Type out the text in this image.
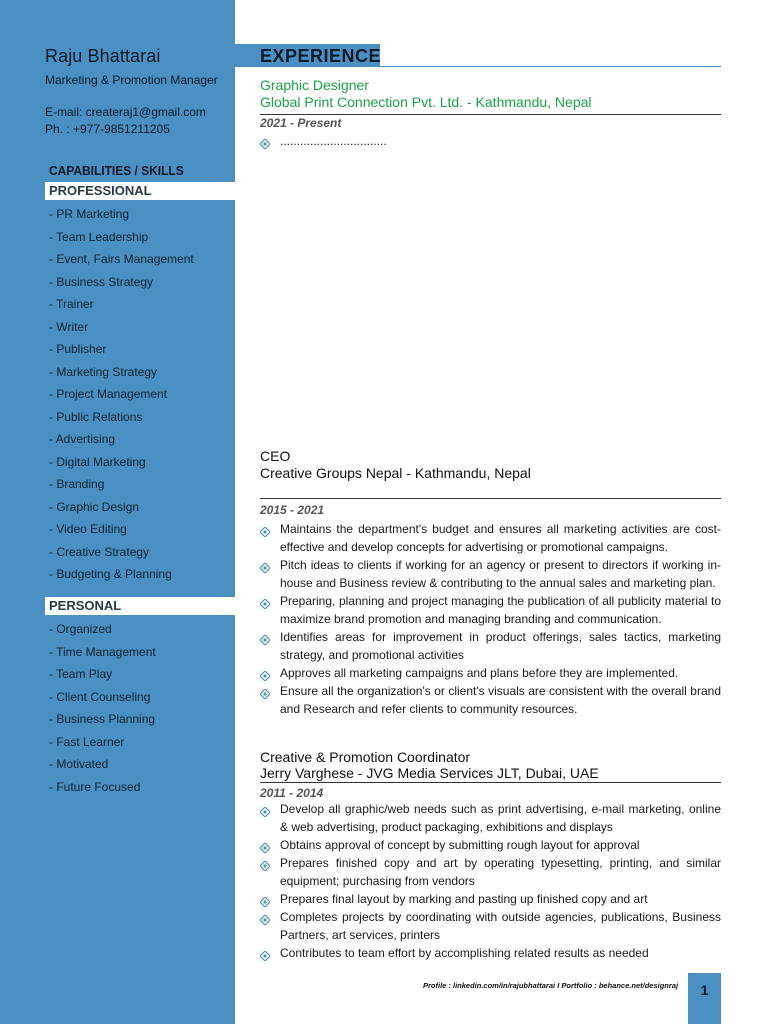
Raju Bhattarai
Marketing & Promotion Manager
E-mail: createraj1@gmail.com
Ph. : +977-9851211205
CAPABILITIES / SKILLS
PROFESSIONAL
- PR Marketing
- Team Leadership
- Event, Fairs Management
- Business Strategy
- Trainer
- Writer
- Publisher
- Marketing Strategy
- Project Management
- Public Relations
- Advertising
- Digital Marketing
- Branding
- Graphic Design
- Video Editing
- Creative Strategy
- Budgeting & Planning
PERSONAL
- Organized
- Time Management
- Team Play
- Client Counseling
- Business Planning
- Fast Learner
- Motivated
- Future Focused
EXPERIENCE
Graphic Designer
Global Print Connection Pvt. Ltd. - Kathmandu, Nepal
2021 - Present
................................
CEO
Creative Groups Nepal - Kathmandu, Nepal
2015 - 2021
Maintains the department's budget and ensures all marketing activities are cost-effective and develop concepts for advertising or promotional campaigns.
Pitch ideas to clients if working for an agency or present to directors if working in-house and Business review & contributing to the annual sales and marketing plan.
Preparing, planning and project managing the publication of all publicity material to maximize brand promotion and managing branding and communication.
Identifies areas for improvement in product offerings, sales tactics, marketing strategy, and promotional activities
Approves all marketing campaigns and plans before they are implemented.
Ensure all the organization's or client's visuals are consistent with the overall brand and Research and refer clients to community resources.
Creative & Promotion Coordinator
Jerry Varghese - JVG Media Services JLT, Dubai, UAE
2011 - 2014
Develop all graphic/web needs such as print advertising, e-mail marketing, online & web advertising, product packaging, exhibitions and displays
Obtains approval of concept by submitting rough layout for approval
Prepares finished copy and art by operating typesetting, printing, and similar equipment; purchasing from vendors
Prepares final layout by marking and pasting up finished copy and art
Completes projects by coordinating with outside agencies, publications, Business Partners, art services, printers
Contributes to team effort by accomplishing related results as needed
Profile : linkedin.com/in/rajubhattarai I Portfolio : behance.net/designraj	1
